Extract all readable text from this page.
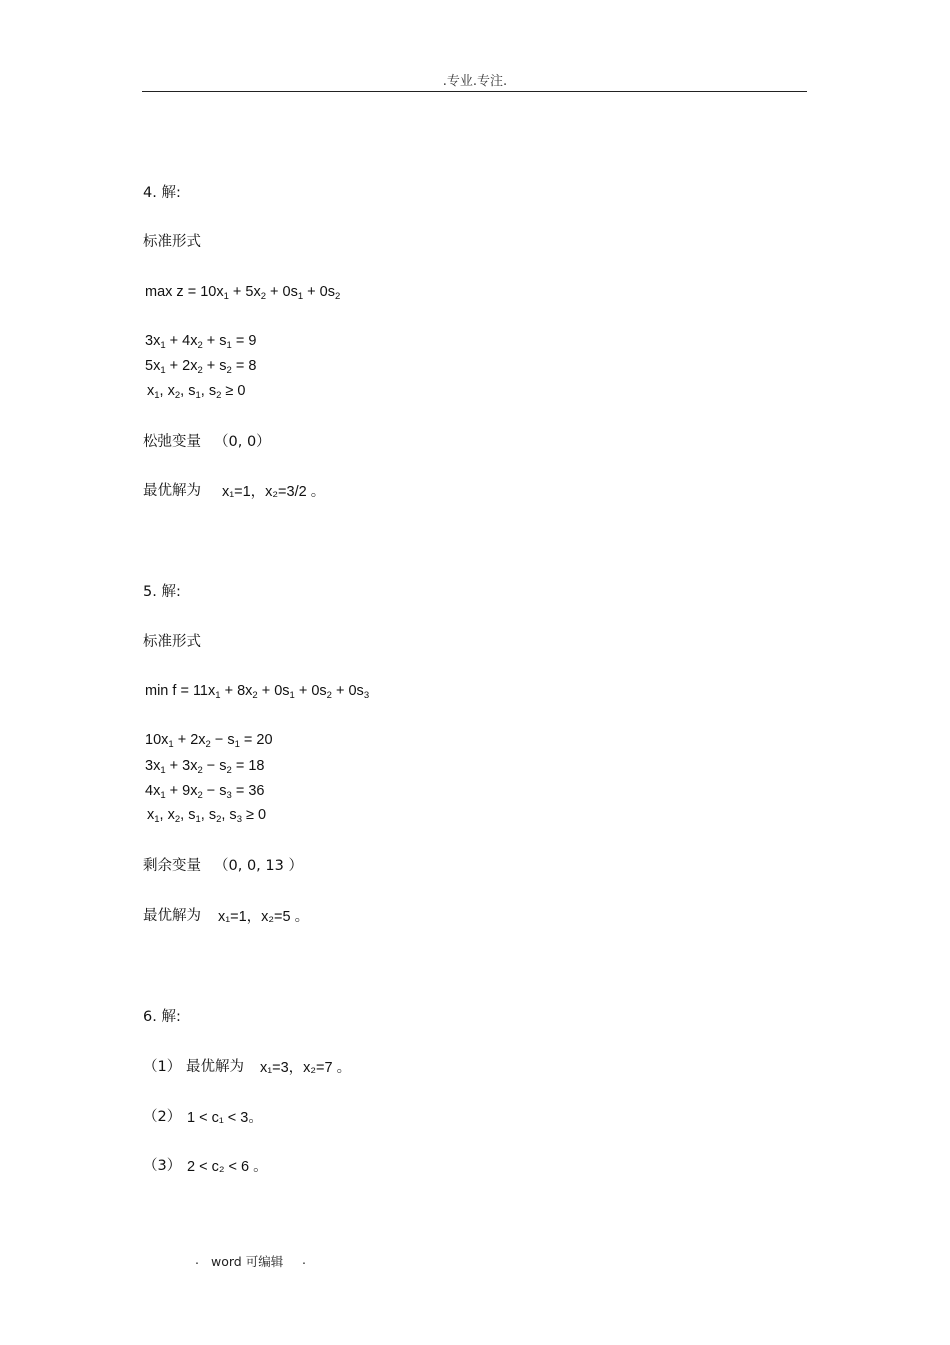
.专业.专注.
4. 解:
标准形式
$\max z = 10x_1 + 5x_2 + 0s_1 + 0s_2$
$3x_1 + 4x_2 + s_1 = 9$
$5x_1 + 2x_2 + s_2 = 8$
$x_1$, $x_2$, $s_1$, $s_2 \ge 0$
松弛变量 （0, 0）
最优解为 x₁=1，x₂=3/2 。
5. 解:
标准形式
$\min f = 11x_1 + 8x_2 + 0s_1 + 0s_2 + 0s_3$
$10x_1 + 2x_2 - s_1 = 20$
$3x_1 + 3x_2 - s_2 = 18$
$4x_1 + 9x_2 - s_3 = 36$
$x_1$, $x_2$, $s_1$, $s_2$, $s_3 \ge 0$
剩余变量 （0, 0, 13 ）
最优解为 x₁=1，x₂=5 。
6. 解:
（1） 最优解为 x₁=3，x₂=7 。
（2） 1 < c₁ < 3。
（3） 2 < c₂ < 6 。
. word 可编辑 .
